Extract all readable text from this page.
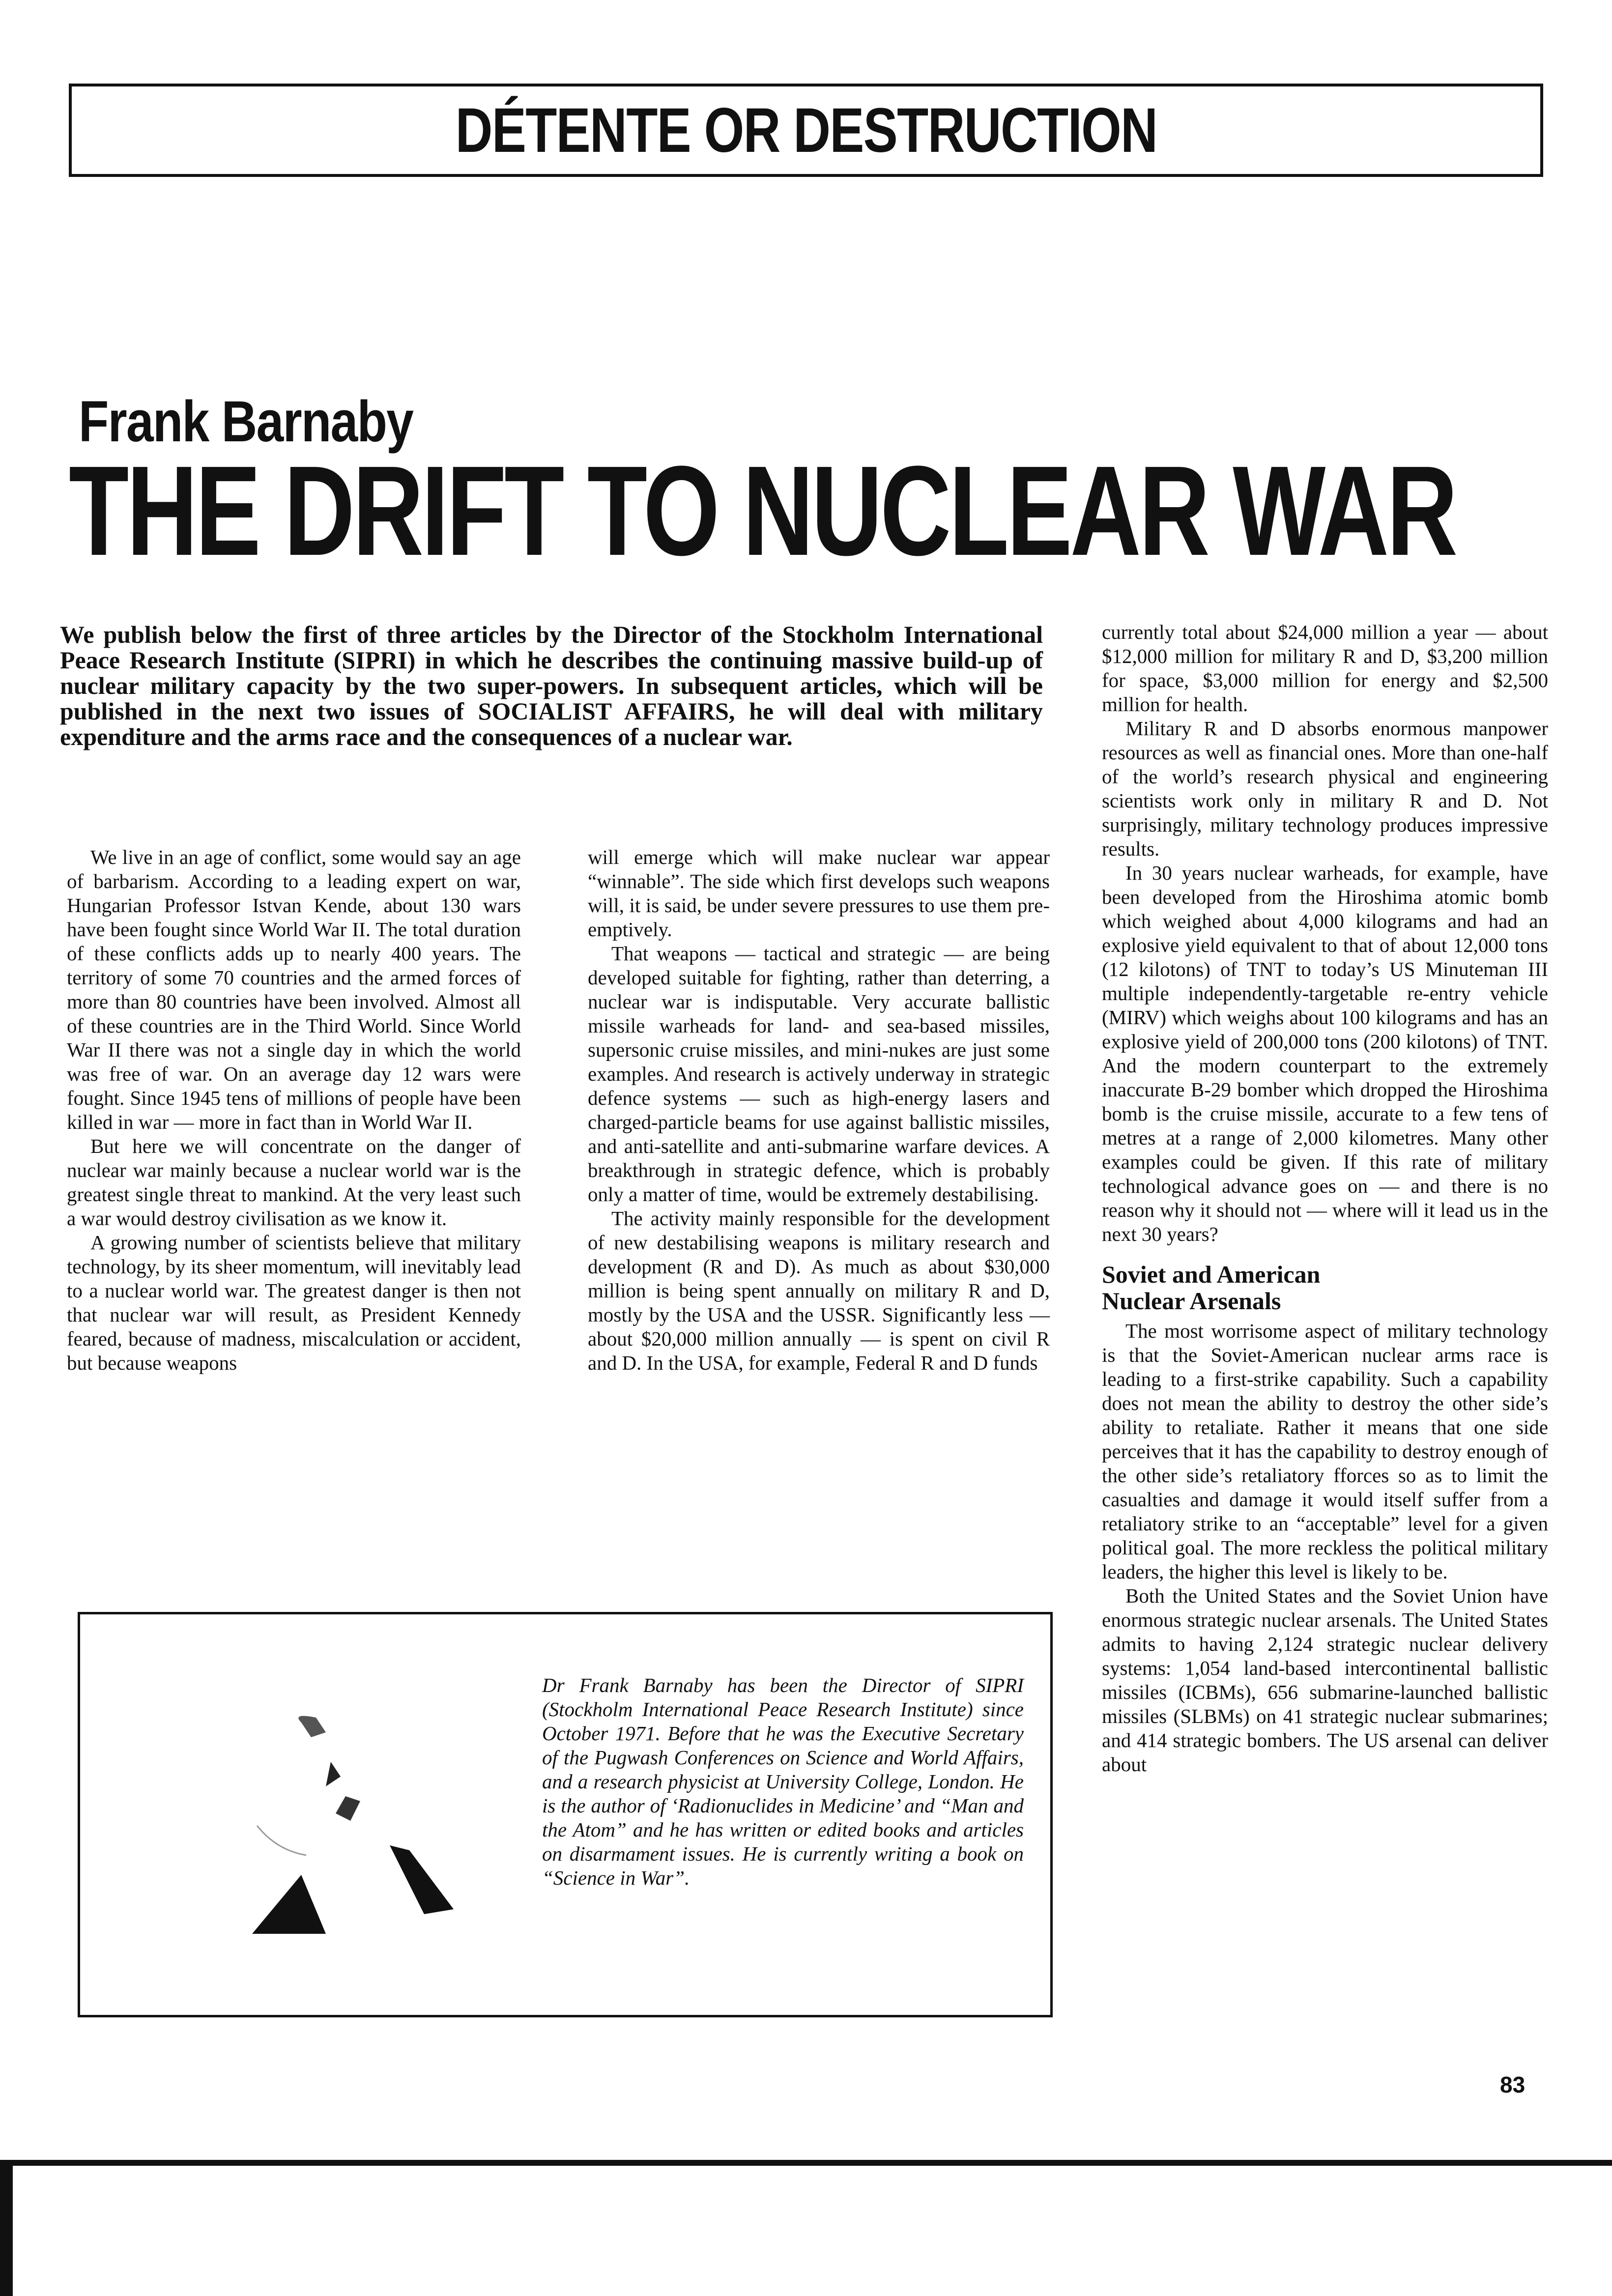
DÉTENTE OR DESTRUCTION
Frank Barnaby
THE DRIFT TO NUCLEAR WAR
We publish below the first of three articles by the Director of the Stockholm International Peace Research Institute (SIPRI) in which he describes the continuing massive build-up of nuclear military capacity by the two super-powers. In subsequent articles, which will be published in the next two issues of SOCIALIST AFFAIRS, he will deal with military expenditure and the arms race and the consequences of a nuclear war.

We live in an age of conflict, some would say an age of barbarism. According to a leading expert on war, Hungarian Professor Istvan Kende, about 130 wars have been fought since World War II. The total duration of these conflicts adds up to nearly 400 years. The territory of some 70 countries and the armed forces of more than 80 countries have been involved. Almost all of these countries are in the Third World. Since World War II there was not a single day in which the world was free of war. On an average day 12 wars were fought. Since 1945 tens of millions of people have been killed in war — more in fact than in World War II.

But here we will concentrate on the danger of nuclear war mainly because a nuclear world war is the greatest single threat to mankind. At the very least such a war would destroy civilisation as we know it.

A growing number of scientists believe that military technology, by its sheer momentum, will inevitably lead to a nuclear world war. The greatest danger is then not that nuclear war will result, as President Kennedy feared, because of madness, miscalculation or accident, but because weapons

will emerge which will make nuclear war appear “winnable”. The side which first develops such weapons will, it is said, be under severe pressures to use them pre-emptively.

That weapons — tactical and strategic — are being developed suitable for fighting, rather than deterring, a nuclear war is indisputable. Very accurate ballistic missile warheads for land- and sea-based missiles, supersonic cruise missiles, and mini-nukes are just some examples. And research is actively underway in strategic defence systems — such as high-energy lasers and charged-particle beams for use against ballistic missiles, and anti-satellite and anti-submarine warfare devices. A breakthrough in strategic defence, which is probably only a matter of time, would be extremely destabilising.

The activity mainly responsible for the development of new destabilising weapons is military research and development (R and D). As much as about $30,000 million is being spent annually on military R and D, mostly by the USA and the USSR. Significantly less — about $20,000 million annually — is spent on civil R and D. In the USA, for example, Federal R and D funds

currently total about $24,000 million a year — about $12,000 million for military R and D, $3,200 million for space, $3,000 million for energy and $2,500 million for health.

Military R and D absorbs enormous manpower resources as well as financial ones. More than one-half of the world’s research physical and engineering scientists work only in military R and D. Not surprisingly, military technology produces impressive results.

In 30 years nuclear warheads, for example, have been developed from the Hiroshima atomic bomb which weighed about 4,000 kilograms and had an explosive yield equivalent to that of about 12,000 tons (12 kilotons) of TNT to today’s US Minuteman III multiple independently-targetable re-entry vehicle (MIRV) which weighs about 100 kilograms and has an explosive yield of 200,000 tons (200 kilotons) of TNT. And the modern counterpart to the extremely inaccurate B-29 bomber which dropped the Hiroshima bomb is the cruise missile, accurate to a few tens of metres at a range of 2,000 kilometres. Many other examples could be given. If this rate of military technological advance goes on — and there is no reason why it should not — where will it lead us in the next 30 years?

Soviet and American
Nuclear Arsenals

The most worrisome aspect of military technology is that the Soviet-American nuclear arms race is leading to a first-strike capability. Such a capability does not mean the ability to destroy the other side’s ability to retaliate. Rather it means that one side perceives that it has the capability to destroy enough of the other side’s retaliatory fforces so as to limit the casualties and damage it would itself suffer from a retaliatory strike to an “acceptable” level for a given political goal. The more reckless the political military leaders, the higher this level is likely to be.

Both the United States and the Soviet Union have enormous strategic nuclear arsenals. The United States admits to having 2,124 strategic nuclear delivery systems: 1,054 land-based intercontinental ballistic missiles (ICBMs), 656 submarine-launched ballistic missiles (SLBMs) on 41 strategic nuclear submarines; and 414 strategic bombers. The US arsenal can deliver about

Dr Frank Barnaby has been the Director of SIPRI (Stockholm International Peace Research Institute) since October 1971. Before that he was the Executive Secretary of the Pugwash Conferences on Science and World Affairs, and a research physicist at University College, London. He is the author of ‘Radionuclides in Medicine’ and “Man and the Atom” and he has written or edited books and articles on disarmament issues. He is currently writing a book on “Science in War”.
83
